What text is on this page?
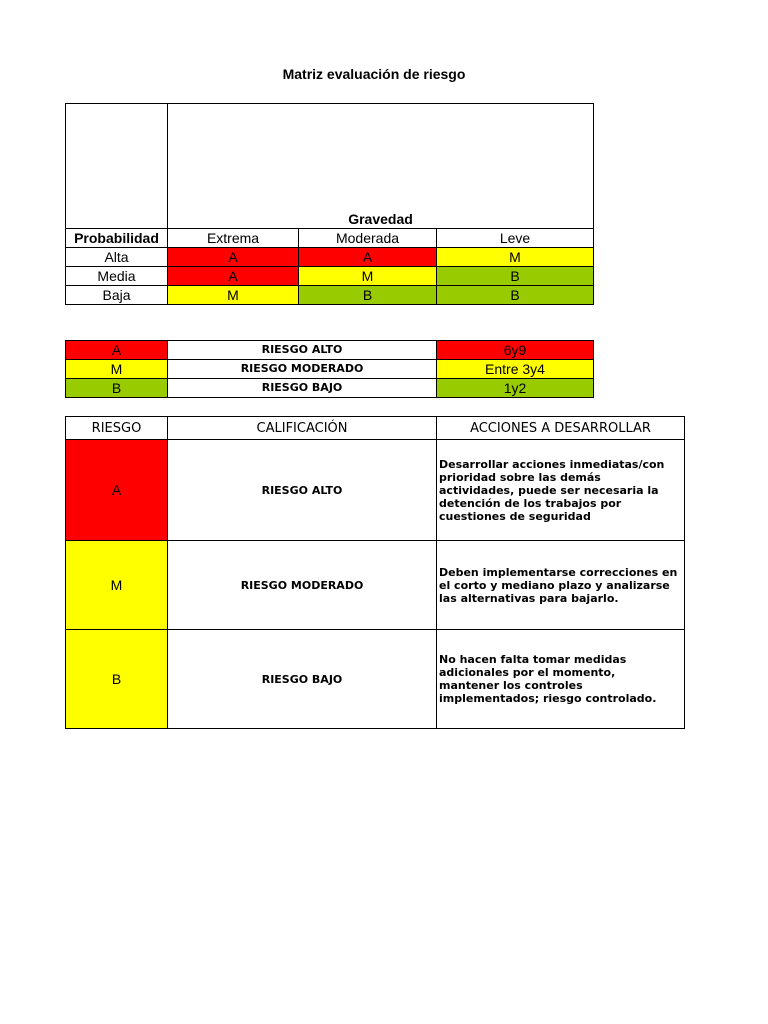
Matriz evaluación de riesgo

	Gravedad		
Probabilidad	Extrema	Moderada	Leve
Alta	A	A	M
Media	A	M	B
Baja	M	B	B
A	RIESGO ALTO	6y9
M	RIESGO MODERADO	Entre 3y4
B	RIESGO BAJO	1y2
RIESGO	CALIFICACIÓN	ACCIONES A DESARROLLAR
A	RIESGO ALTO	Desarrollar acciones inmediatas/con prioridad sobre las demás actividades, puede ser necesaria la detención de los trabajos por cuestiones de seguridad
M	RIESGO MODERADO	Deben implementarse correcciones en el corto y mediano plazo y analizarse las alternativas para bajarlo.
B	RIESGO BAJO	No hacen falta tomar medidas adicionales por el momento, mantener los controles implementados; riesgo controlado.
